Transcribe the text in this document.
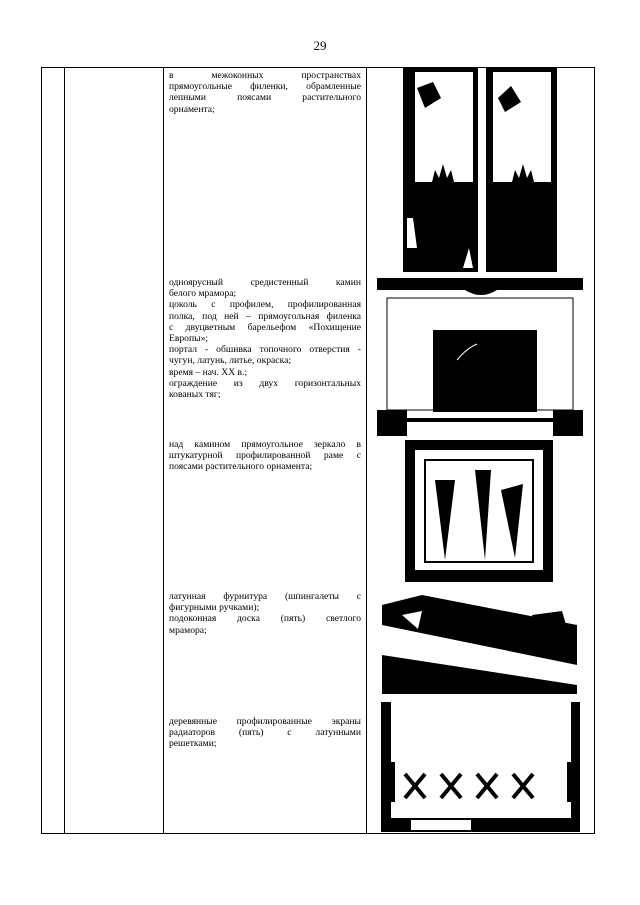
29

в межоконных пространствах

прямоугольные филенки, обрамленные

лепными поясами растительного

орнамента;

одноярусный средистенный камин

белого мрамора;

цоколь с профилем, профилированная

полка, под ней – прямоугольная филенка

с двуцветным барельефом «Похищение

Европы»;

портал - обшивка топочного отверстия -

чугун, латунь, литье, окраска;

время – нач. XX в.;

ограждение из двух горизонтальных

кованых тяг;

над камином прямоугольное зеркало в

штукатурной профилированной раме с

поясами растительного орнамента;

латунная фурнитура (шпингалеты с

фигурными ручками);

подоконная доска (пять) светлого

мрамора;

деревянные профилированные экраны

радиаторов (пять) с латунными

решетками;
